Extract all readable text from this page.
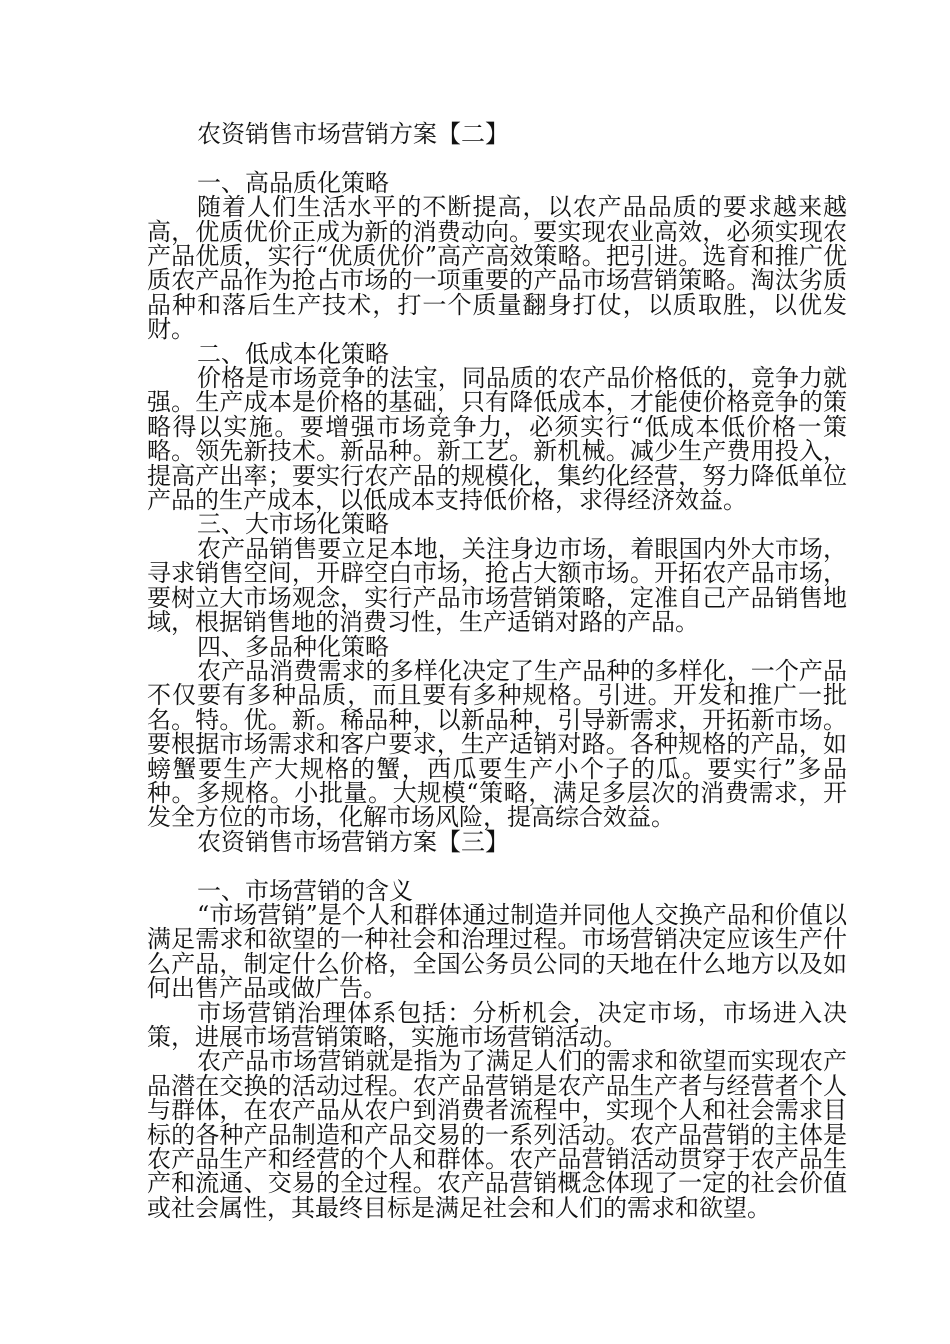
农资销售市场营销方案【二】

一、高品质化策略

随着人们生活水平的不断提高，以农产品品质的要求越来越高，优质优价正成为新的消费动向。要实现农业高效，必须实现农产品优质，实行“优质优价”高产高效策略。把引进。选育和推广优质农产品作为抢占市场的一项重要的产品市场营销策略。淘汰劣质品种和落后生产技术，打一个质量翻身打仗，以质取胜，以优发财。

二、低成本化策略

价格是市场竞争的法宝，同品质的农产品价格低的，竞争力就强。生产成本是价格的基础，只有降低成本，才能使价格竞争的策略得以实施。要增强市场竞争力，必须实行“低成本低价格一策略。领先新技术。新品种。新工艺。新机械。减少生产费用投入，提高产出率；要实行农产品的规模化，集约化经营，努力降低单位产品的生产成本，以低成本支持低价格，求得经济效益。

三、大市场化策略

农产品销售要立足本地，关注身边市场，着眼国内外大市场，寻求销售空间，开辟空白市场，抢占大额市场。开拓农产品市场，要树立大市场观念，实行产品市场营销策略，定准自己产品销售地域，根据销售地的消费习性，生产适销对路的产品。

四、多品种化策略

农产品消费需求的多样化决定了生产品种的多样化，一个产品不仅要有多种品质，而且要有多种规格。引进。开发和推广一批名。特。优。新。稀品种，以新品种，引导新需求，开拓新市场。要根据市场需求和客户要求，生产适销对路。各种规格的产品，如螃蟹要生产大规格的蟹，西瓜要生产小个子的瓜。要实行”多品种。多规格。小批量。大规模“策略，满足多层次的消费需求，开发全方位的市场，化解市场风险，提高综合效益。

农资销售市场营销方案【三】

一、市场营销的含义

“市场营销”是个人和群体通过制造并同他人交换产品和价值以满足需求和欲望的一种社会和治理过程。市场营销决定应该生产什么产品，制定什么价格，全国公务员公同的天地在什么地方以及如何出售产品或做广告。

市场营销治理体系包括：分析机会，决定市场，市场进入决策，进展市场营销策略，实施市场营销活动。

农产品市场营销就是指为了满足人们的需求和欲望而实现农产品潜在交换的活动过程。农产品营销是农产品生产者与经营者个人与群体，在农产品从农户到消费者流程中，实现个人和社会需求目标的各种产品制造和产品交易的一系列活动。农产品营销的主体是农产品生产和经营的个人和群体。农产品营销活动贯穿于农产品生产和流通、交易的全过程。农产品营销概念体现了一定的社会价值或社会属性，其最终目标是满足社会和人们的需求和欲望。
